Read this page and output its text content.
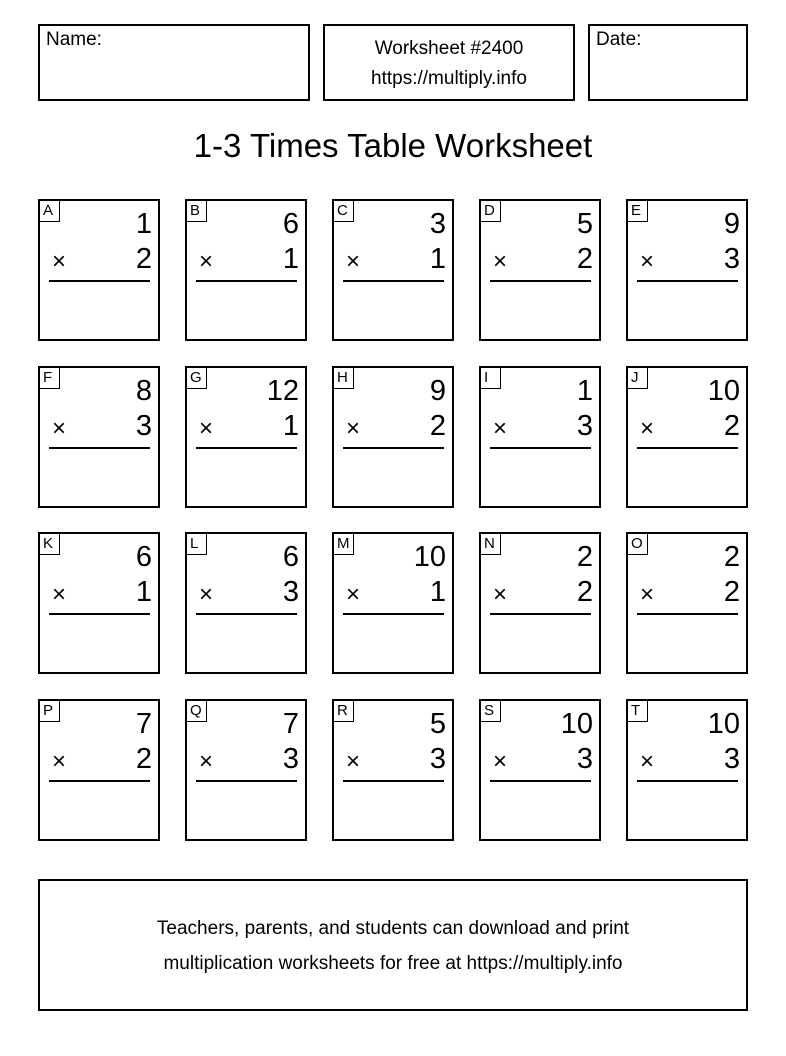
Name:	Worksheet #2400
https://multiply.info
Date:
1-3 Times Table Worksheet
A	1
× 2
B	6
× 1
C	3
× 1
D	5
× 2
E	9
× 3
F	8
× 3
G 12
× 1
H	9
× 2
I	1
× 3
J	10
× 2
K	6
× 1
L	6
× 3
M 10
× 1
N	2
× 2
O	2
× 2
P	7
× 2
Q	7
× 3
R	5
× 3
S 10
× 3
T 10
× 3
Teachers, parents, and students can download and print
multiplication worksheets for free at https://multiply.info
